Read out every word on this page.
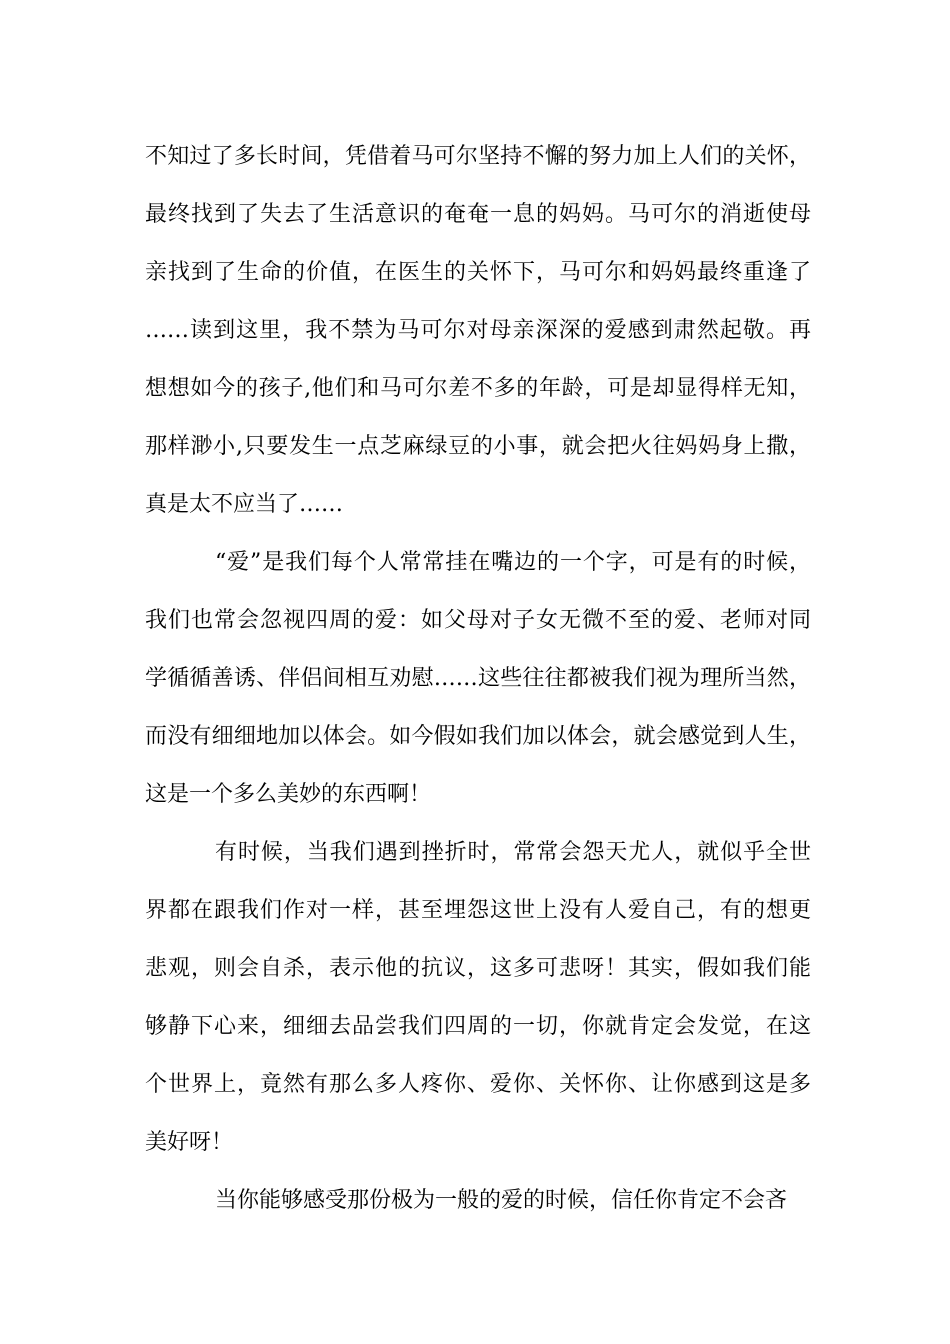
不知过了多长时间，凭借着马可尔坚持不懈的努力加上人们的关怀，
最终找到了失去了生活意识的奄奄一息的妈妈。马可尔的消逝使母
亲找到了生命的价值，在医生的关怀下，马可尔和妈妈最终重逢了
……读到这里，我不禁为马可尔对母亲深深的爱感到肃然起敬。再
想想如今的孩子,他们和马可尔差不多的年龄，可是却显得样无知，
那样渺小,只要发生一点芝麻绿豆的小事，就会把火往妈妈身上撒，
真是太不应当了……
“爱”是我们每个人常常挂在嘴边的一个字，可是有的时候，
我们也常会忽视四周的爱：如父母对子女无微不至的爱、老师对同
学循循善诱、伴侣间相互劝慰……这些往往都被我们视为理所当然，
而没有细细地加以体会。如今假如我们加以体会，就会感觉到人生，
这是一个多么美妙的东西啊！
有时候，当我们遇到挫折时，常常会怨天尤人，就似乎全世
界都在跟我们作对一样，甚至埋怨这世上没有人爱自己，有的想更
悲观，则会自杀，表示他的抗议，这多可悲呀！其实，假如我们能
够静下心来，细细去品尝我们四周的一切，你就肯定会发觉，在这
个世界上，竟然有那么多人疼你、爱你、关怀你、让你感到这是多
美好呀！
当你能够感受那份极为一般的爱的时候，信任你肯定不会吝
